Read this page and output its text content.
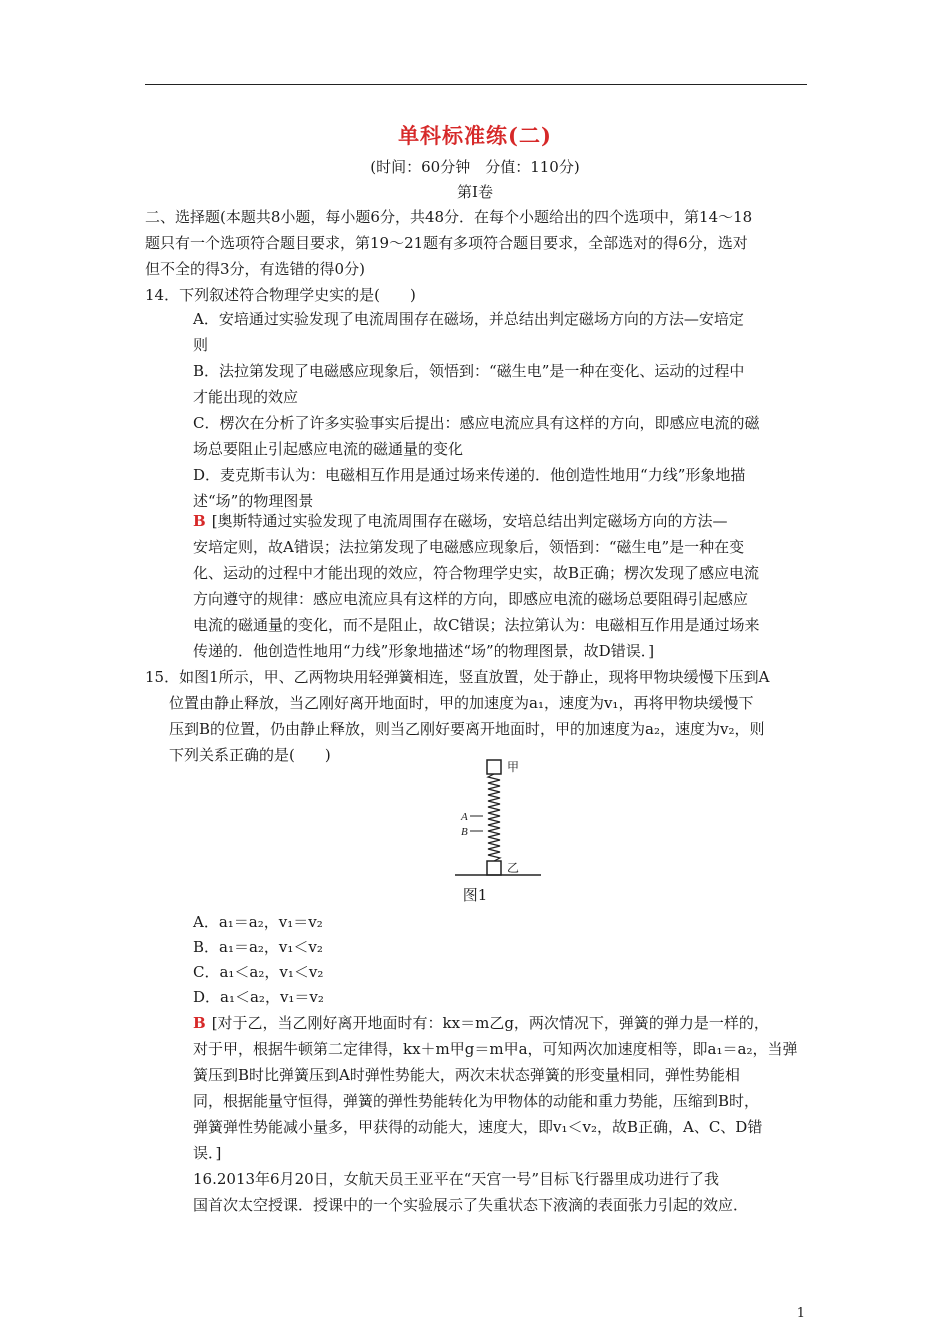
单科标准练(二)
(时间：60分钟　分值：110分)
第Ⅰ卷
二、选择题(本题共8小题，每小题6分，共48分．在每个小题给出的四个选项中，第14～18
题只有一个选项符合题目要求，第19～21题有多项符合题目要求，全部选对的得6分，选对
但不全的得3分，有选错的得0分)
14．下列叙述符合物理学史实的是(　　)
A．安培通过实验发现了电流周围存在磁场，并总结出判定磁场方向的方法—安培定
则
B．法拉第发现了电磁感应现象后，领悟到：“磁生电”是一种在变化、运动的过程中
才能出现的效应
C．楞次在分析了许多实验事实后提出：感应电流应具有这样的方向，即感应电流的磁
场总要阻止引起感应电流的磁通量的变化
D．麦克斯韦认为：电磁相互作用是通过场来传递的．他创造性地用“力线”形象地描
述“场”的物理图景
B [奥斯特通过实验发现了电流周围存在磁场，安培总结出判定磁场方向的方法—
安培定则，故A错误；法拉第发现了电磁感应现象后，领悟到：“磁生电”是一种在变
化、运动的过程中才能出现的效应，符合物理学史实，故B正确；楞次发现了感应电流
方向遵守的规律：感应电流应具有这样的方向，即感应电流的磁场总要阻碍引起感应
电流的磁通量的变化，而不是阻止，故C错误；法拉第认为：电磁相互作用是通过场来
传递的．他创造性地用“力线”形象地描述“场”的物理图景，故D错误．]
15．如图1所示，甲、乙两物块用轻弹簧相连，竖直放置，处于静止，现将甲物块缓慢下压到A
位置由静止释放，当乙刚好离开地面时，甲的加速度为a₁，速度为v₁，再将甲物块缓慢下
压到B的位置，仍由静止释放，则当乙刚好要离开地面时，甲的加速度为a₂，速度为v₂，则
下列关系正确的是(　　)
甲
A
B
乙
图1
A．a₁＝a₂，v₁＝v₂
B．a₁＝a₂，v₁＜v₂
C．a₁＜a₂，v₁＜v₂
D．a₁＜a₂，v₁＝v₂
B [对于乙，当乙刚好离开地面时有：kx＝m乙g，两次情况下，弹簧的弹力是一样的，
对于甲，根据牛顿第二定律得，kx＋m甲g＝m甲a，可知两次加速度相等，即a₁＝a₂，当弹
簧压到B时比弹簧压到A时弹性势能大，两次末状态弹簧的形变量相同，弹性势能相
同，根据能量守恒得，弹簧的弹性势能转化为甲物体的动能和重力势能，压缩到B时，
弹簧弹性势能减小量多，甲获得的动能大，速度大，即v₁＜v₂，故B正确，A、C、D错
误．]
16.2013年6月20日，女航天员王亚平在“天宫一号”目标飞行器里成功进行了我
国首次太空授课．授课中的一个实验展示了失重状态下液滴的表面张力引起的效应．
1
